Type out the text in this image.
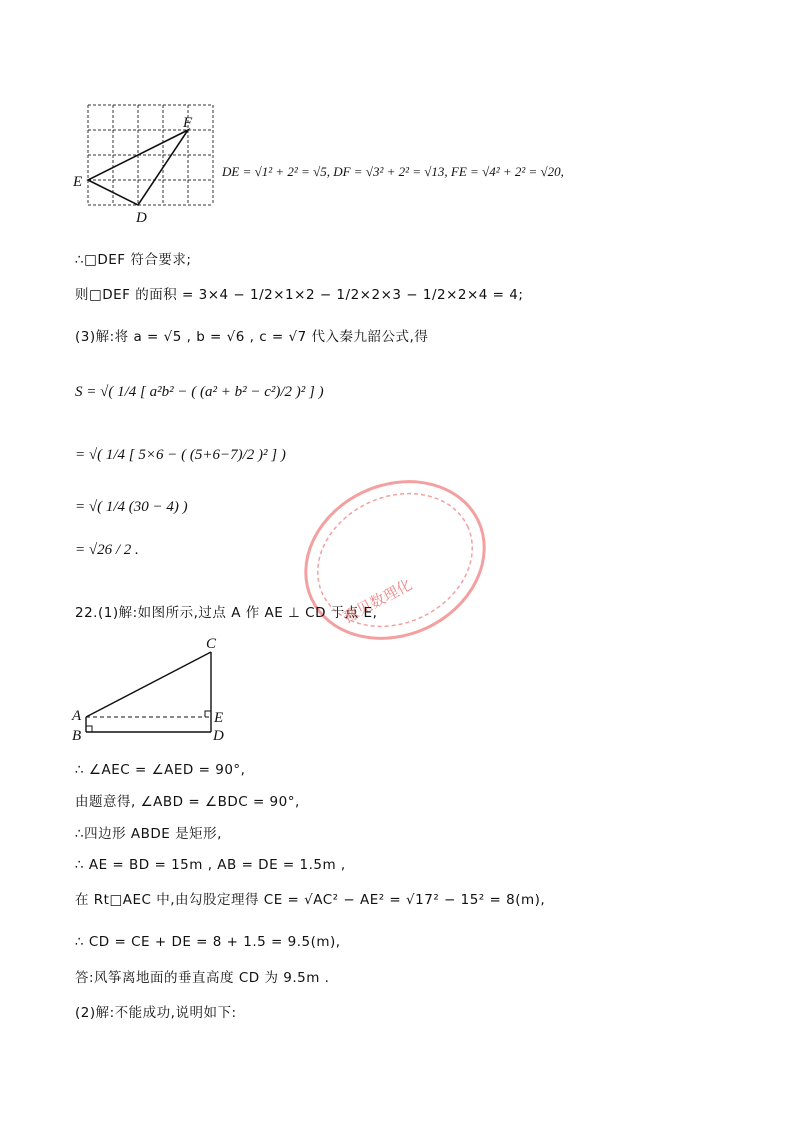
F
E
D
DE = √1² + 2² = √5, DF = √3² + 2² = √13, FE = √4² + 2² = √20,
∴□DEF 符合要求;
则□DEF 的面积 = 3×4 − 1/2×1×2 − 1/2×2×3 − 1/2×2×4 = 4;
(3)解:将 a = √5 , b = √6 , c = √7 代入秦九韶公式,得
S = √( 1/4 [ a²b² − ( (a² + b² − c²)/2 )² ] )
= √( 1/4 [ 5×6 − ( (5+6−7)/2 )² ] )
= √( 1/4 (30 − 4) )
= √26 / 2 .
豫见数理化
22.(1)解:如图所示,过点 A 作 AE ⊥ CD 于点 E,
C
A	E
B	D
∴ ∠AEC = ∠AED = 90°,
由题意得, ∠ABD = ∠BDC = 90°,
∴四边形 ABDE 是矩形,
∴ AE = BD = 15m , AB = DE = 1.5m ,
在 Rt□AEC 中,由勾股定理得 CE = √AC² − AE² = √17² − 15² = 8(m),
∴ CD = CE + DE = 8 + 1.5 = 9.5(m),
答:风筝离地面的垂直高度 CD 为 9.5m .
(2)解:不能成功,说明如下:
